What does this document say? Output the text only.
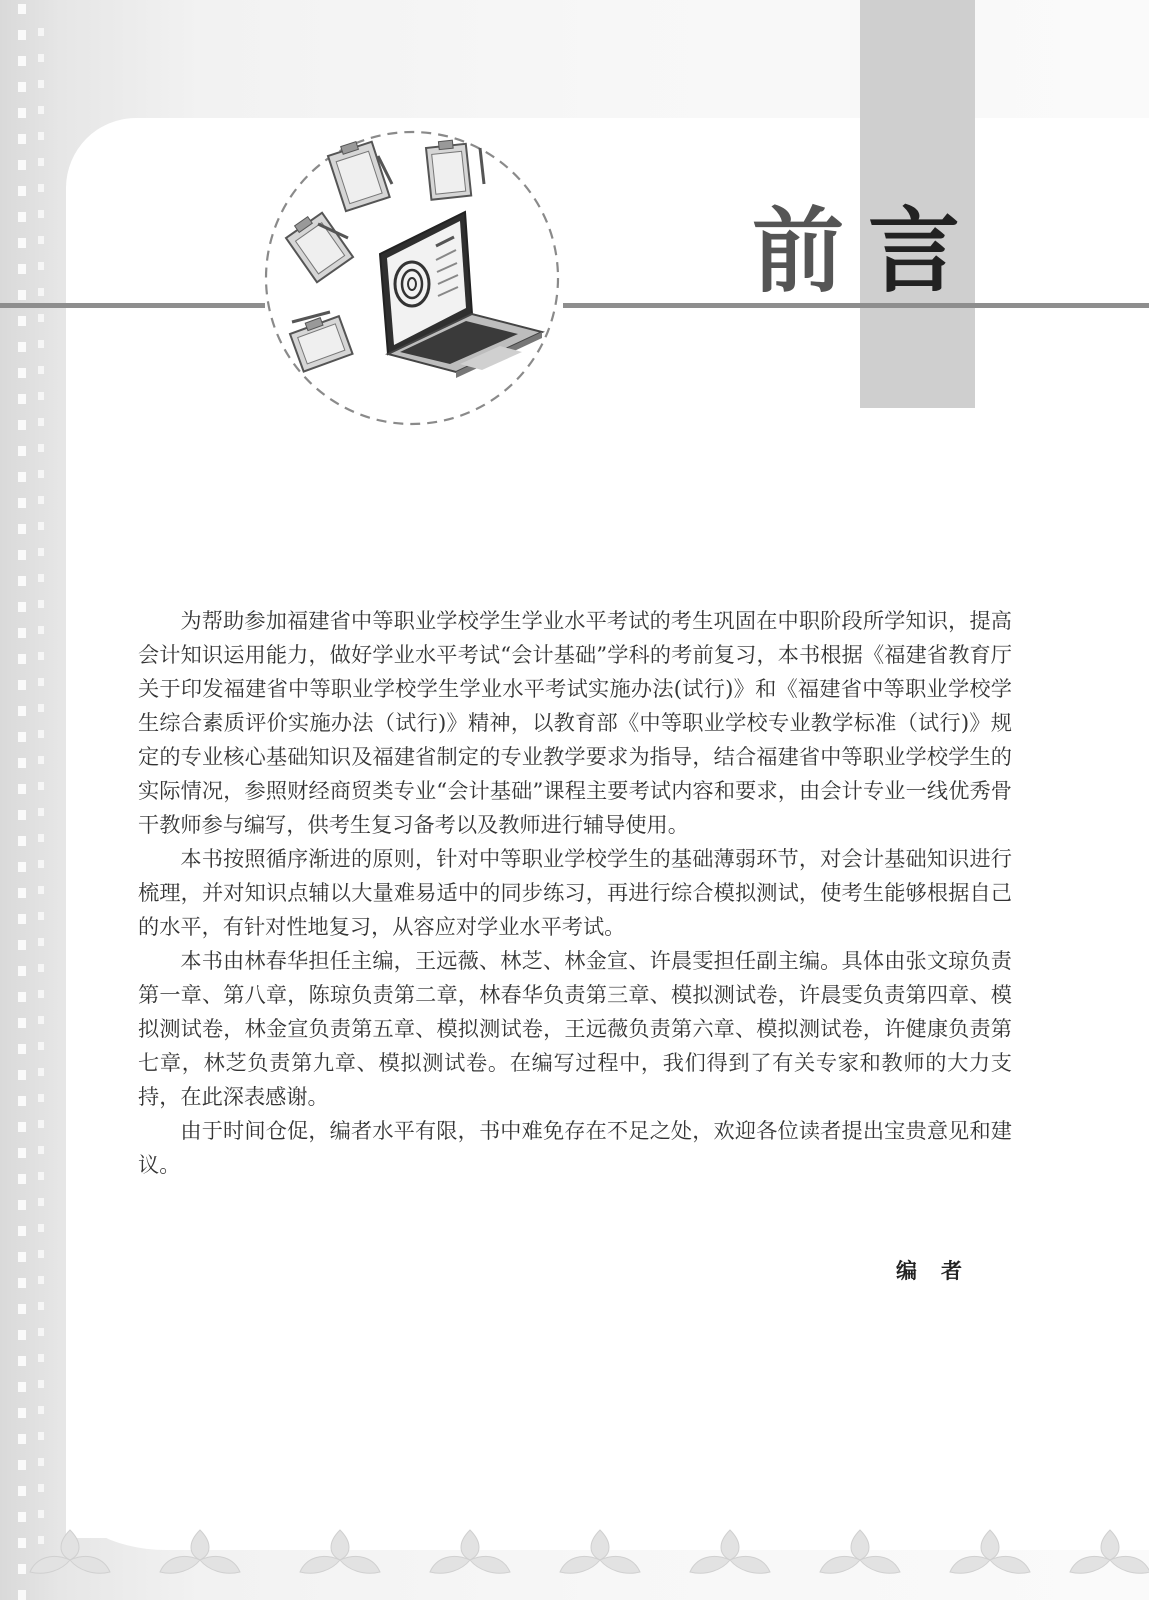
前言

为帮助参加福建省中等职业学校学生学业水平考试的考生巩固在中职阶段所学知识，提高会计知识运用能力，做好学业水平考试“会计基础”学科的考前复习，本书根据《福建省教育厅关于印发福建省中等职业学校学生学业水平考试实施办法(试行)》和《福建省中等职业学校学生综合素质评价实施办法（试行)》精神，以教育部《中等职业学校专业教学标准（试行)》规定的专业核心基础知识及福建省制定的专业教学要求为指导，结合福建省中等职业学校学生的实际情况，参照财经商贸类专业“会计基础”课程主要考试内容和要求，由会计专业一线优秀骨干教师参与编写，供考生复习备考以及教师进行辅导使用。

本书按照循序渐进的原则，针对中等职业学校学生的基础薄弱环节，对会计基础知识进行梳理，并对知识点辅以大量难易适中的同步练习，再进行综合模拟测试，使考生能够根据自己的水平，有针对性地复习，从容应对学业水平考试。

本书由林春华担任主编，王远薇、林芝、林金宣、许晨雯担任副主编。具体由张文琼负责第一章、第八章，陈琼负责第二章，林春华负责第三章、模拟测试卷，许晨雯负责第四章、模拟测试卷，林金宣负责第五章、模拟测试卷，王远薇负责第六章、模拟测试卷，许健康负责第七章，林芝负责第九章、模拟测试卷。在编写过程中，我们得到了有关专家和教师的大力支持，在此深表感谢。

由于时间仓促，编者水平有限，书中难免存在不足之处，欢迎各位读者提出宝贵意见和建议。

编者
